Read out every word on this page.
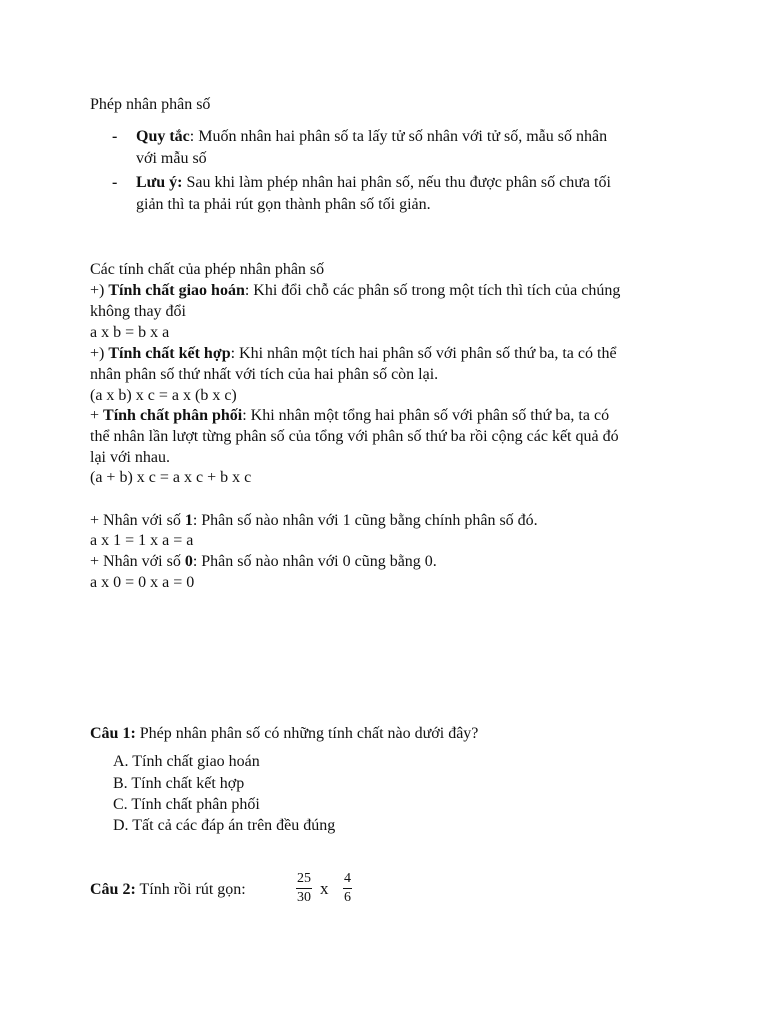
Phép nhân phân số
- Quy tắc: Muốn nhân hai phân số ta lấy tử số nhân với tử số, mẫu số nhân
với mẫu số
- Lưu ý: Sau khi làm phép nhân hai phân số, nếu thu được phân số chưa tối
giản thì ta phải rút gọn thành phân số tối giản.
Các tính chất của phép nhân phân số
+) Tính chất giao hoán: Khi đổi chỗ các phân số trong một tích thì tích của chúng
không thay đổi
a x b = b x a
+) Tính chất kết hợp: Khi nhân một tích hai phân số với phân số thứ ba, ta có thể
nhân phân số thứ nhất với tích của hai phân số còn lại.
(a x b) x c = a x (b x c)
+ Tính chất phân phối: Khi nhân một tổng hai phân số với phân số thứ ba, ta có
thể nhân lần lượt từng phân số của tổng với phân số thứ ba rồi cộng các kết quả đó
lại với nhau.
(a + b) x c = a x c + b x c
+ Nhân với số 1: Phân số nào nhân với 1 cũng bằng chính phân số đó.
a x 1 = 1 x a = a
+ Nhân với số 0: Phân số nào nhân với 0 cũng bằng 0.
a x 0 = 0 x a = 0
Câu 1: Phép nhân phân số có những tính chất nào dưới đây?
A. Tính chất giao hoán
B. Tính chất kết hợp
C. Tính chất phân phối
D. Tất cả các đáp án trên đều đúng
Câu 2: Tính rồi rút gọn:
25
30 x
4
6
